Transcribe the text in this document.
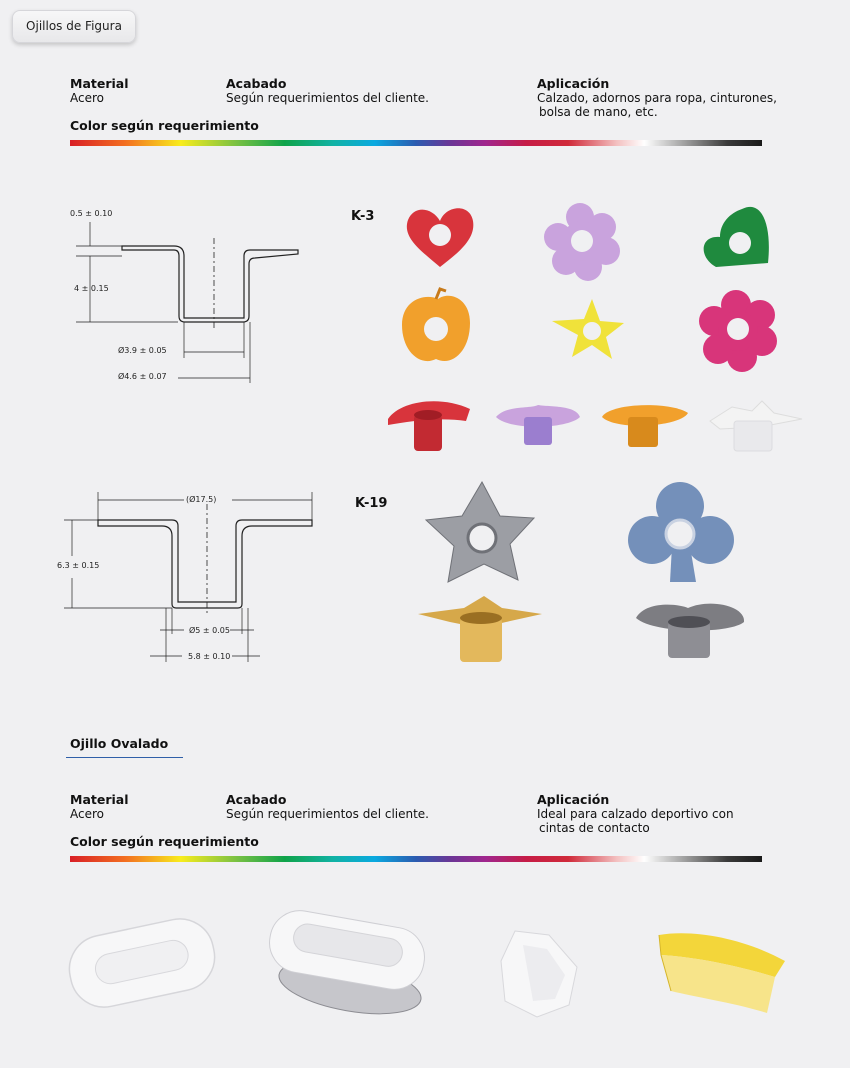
Ojillos de Figura
Material
Acero
Acabado
Según requerimientos del cliente.
Aplicación
Calzado, adornos para ropa, cinturones,
bolsa de mano, etc.
Color según requerimiento
0.5 ± 0.10
4 ± 0.15
Ø3.9 ± 0.05
Ø4.6 ± 0.07
K-3
(Ø17.5)
6.3 ± 0.15
Ø5 ± 0.05
5.8 ± 0.10
K-19
Ojillo Ovalado
Material
Acero
Acabado
Según requerimientos del cliente.
Aplicación
Ideal para calzado deportivo con
cintas de contacto
Color según requerimiento
